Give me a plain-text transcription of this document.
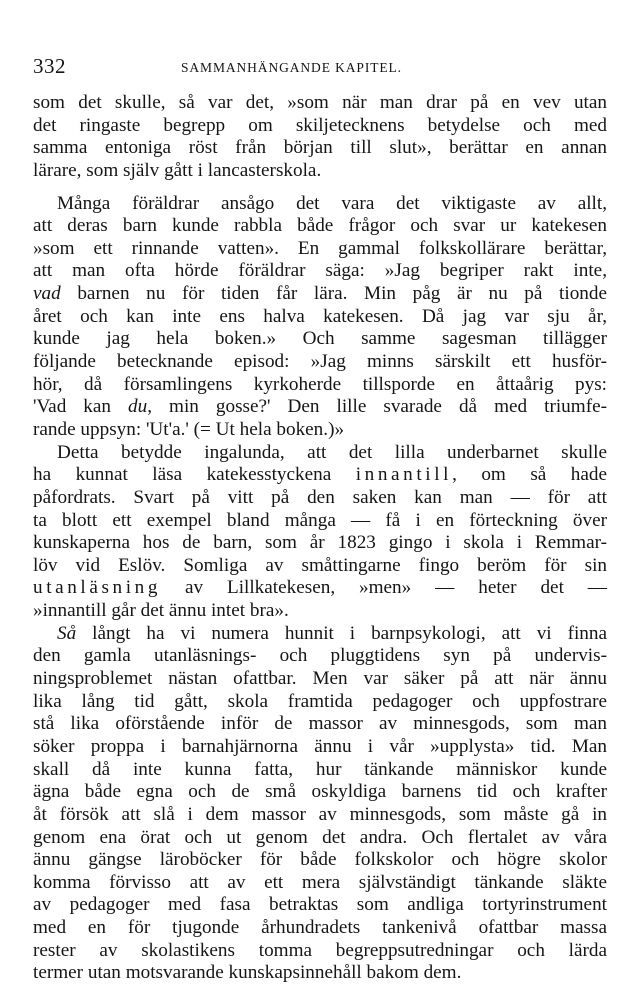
332	SAMMANHÄNGANDE KAPITEL.
som det skulle, så var det, »som när man drar på en vev utan
det ringaste begrepp om skiljetecknens betydelse och med
samma entoniga röst från början till slut», berättar en annan
lärare, som själv gått i lancasterskola.
Många föräldrar ansågo det vara det viktigaste av allt,
att deras barn kunde rabbla både frågor och svar ur katekesen
»som ett rinnande vatten». En gammal folkskollärare berättar,
att man ofta hörde föräldrar säga: »Jag begriper rakt inte,
vad barnen nu för tiden får lära. Min påg är nu på tionde
året och kan inte ens halva katekesen. Då jag var sju år,
kunde jag hela boken.» Och samme sagesman tillägger
följande betecknande episod: »Jag minns särskilt ett husför-
hör, då församlingens kyrkoherde tillsporde en åttaårig pys:
'Vad kan du, min gosse?' Den lille svarade då med triumfe-
rande uppsyn: 'Ut'a.' (= Ut hela boken.)»
Detta betydde ingalunda, att det lilla underbarnet skulle
ha kunnat läsa katekesstyckena innantill, om så hade
påfordrats. Svart på vitt på den saken kan man — för att
ta blott ett exempel bland många — få i en förteckning över
kunskaperna hos de barn, som år 1823 gingo i skola i Remmar-
löv vid Eslöv. Somliga av småttingarne fingo beröm för sin
utanläsning av Lillkatekesen, »men» — heter det —
»innantill går det ännu intet bra».
Så långt ha vi numera hunnit i barnpsykologi, att vi finna
den gamla utanläsnings- och pluggtidens syn på undervis-
ningsproblemet nästan ofattbar. Men var säker på att när ännu
lika lång tid gått, skola framtida pedagoger och uppfostrare
stå lika oförstående inför de massor av minnesgods, som man
söker proppa i barnahjärnorna ännu i vår »upplysta» tid. Man
skall då inte kunna fatta, hur tänkande människor kunde
ägna både egna och de små oskyldiga barnens tid och krafter
åt försök att slå i dem massor av minnesgods, som måste gå in
genom ena örat och ut genom det andra. Och flertalet av våra
ännu gängse läroböcker för både folkskolor och högre skolor
komma förvisso att av ett mera självständigt tänkande släkte
av pedagoger med fasa betraktas som andliga tortyrinstrument
med en för tjugonde århundradets tankenivå ofattbar massa
rester av skolastikens tomma begreppsutredningar och lärda
termer utan motsvarande kunskapsinnehåll bakom dem.
